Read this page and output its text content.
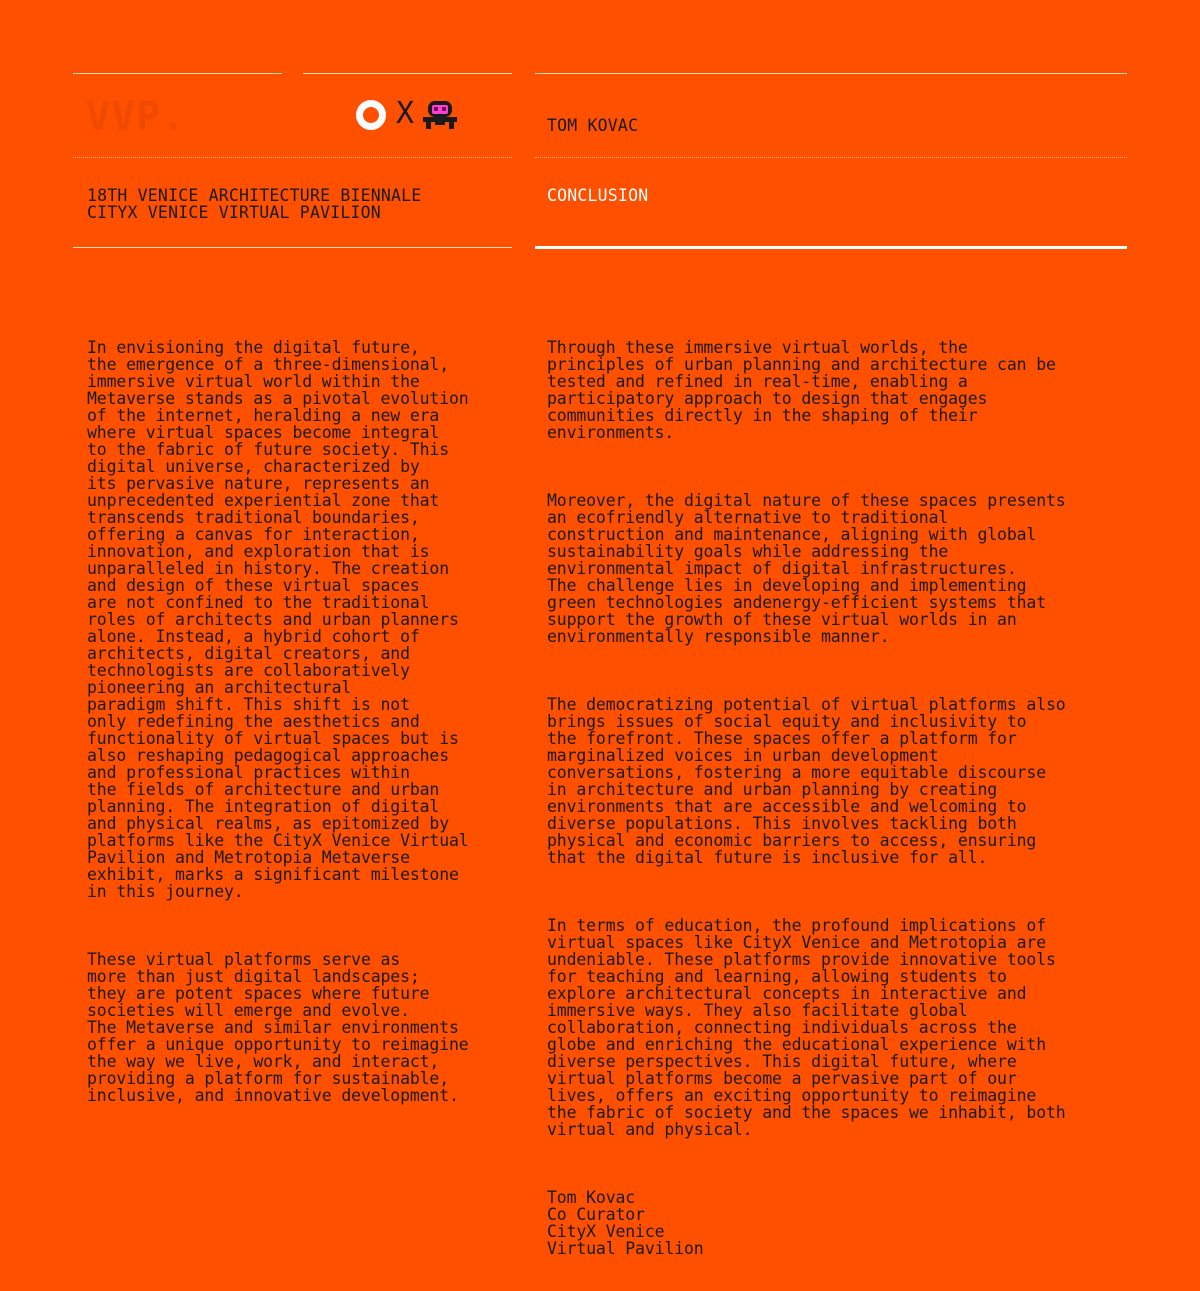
VVP.	X	TOM KOVAC
18TH VENICE ARCHITECTURE BIENNALE
CITYX VENICE VIRTUAL PAVILION
CONCLUSION

In envisioning the digital future,
the emergence of a three-dimensional,
immersive virtual world within the
Metaverse stands as a pivotal evolution
of the internet, heralding a new era
where virtual spaces become integral
to the fabric of future society. This
digital universe, characterized by
its pervasive nature, represents an
unprecedented experiential zone that
transcends traditional boundaries,
offering a canvas for interaction,
innovation, and exploration that is
unparalleled in history. The creation
and design of these virtual spaces
are not confined to the traditional
roles of architects and urban planners
alone. Instead, a hybrid cohort of
architects, digital creators, and
technologists are collaboratively
pioneering an architectural
paradigm shift. This shift is not
only redefining the aesthetics and
functionality of virtual spaces but is
also reshaping pedagogical approaches
and professional practices within
the fields of architecture and urban
planning. The integration of digital
and physical realms, as epitomized by
platforms like the CityX Venice Virtual
Pavilion and Metrotopia Metaverse
exhibit, marks a significant milestone
in this journey.

These virtual platforms serve as
more than just digital landscapes;
they are potent spaces where future
societies will emerge and evolve.
The Metaverse and similar environments
offer a unique opportunity to reimagine
the way we live, work, and interact,
providing a platform for sustainable,
inclusive, and innovative development.

Through these immersive virtual worlds, the
principles of urban planning and architecture can be
tested and refined in real-time, enabling a
participatory approach to design that engages
communities directly in the shaping of their
environments.

Moreover, the digital nature of these spaces presents
an ecofriendly alternative to traditional
construction and maintenance, aligning with global
sustainability goals while addressing the
environmental impact of digital infrastructures.
The challenge lies in developing and implementing
green technologies andenergy-efficient systems that
support the growth of these virtual worlds in an
environmentally responsible manner.

The democratizing potential of virtual platforms also
brings issues of social equity and inclusivity to
the forefront. These spaces offer a platform for
marginalized voices in urban development
conversations, fostering a more equitable discourse
in architecture and urban planning by creating
environments that are accessible and welcoming to
diverse populations. This involves tackling both
physical and economic barriers to access, ensuring
that the digital future is inclusive for all.

In terms of education, the profound implications of
virtual spaces like CityX Venice and Metrotopia are
undeniable. These platforms provide innovative tools
for teaching and learning, allowing students to
explore architectural concepts in interactive and
immersive ways. They also facilitate global
collaboration, connecting individuals across the
globe and enriching the educational experience with
diverse perspectives. This digital future, where
virtual platforms become a pervasive part of our
lives, offers an exciting opportunity to reimagine
the fabric of society and the spaces we inhabit, both
virtual and physical.

Tom Kovac
Co Curator
CityX Venice
Virtual Pavilion
